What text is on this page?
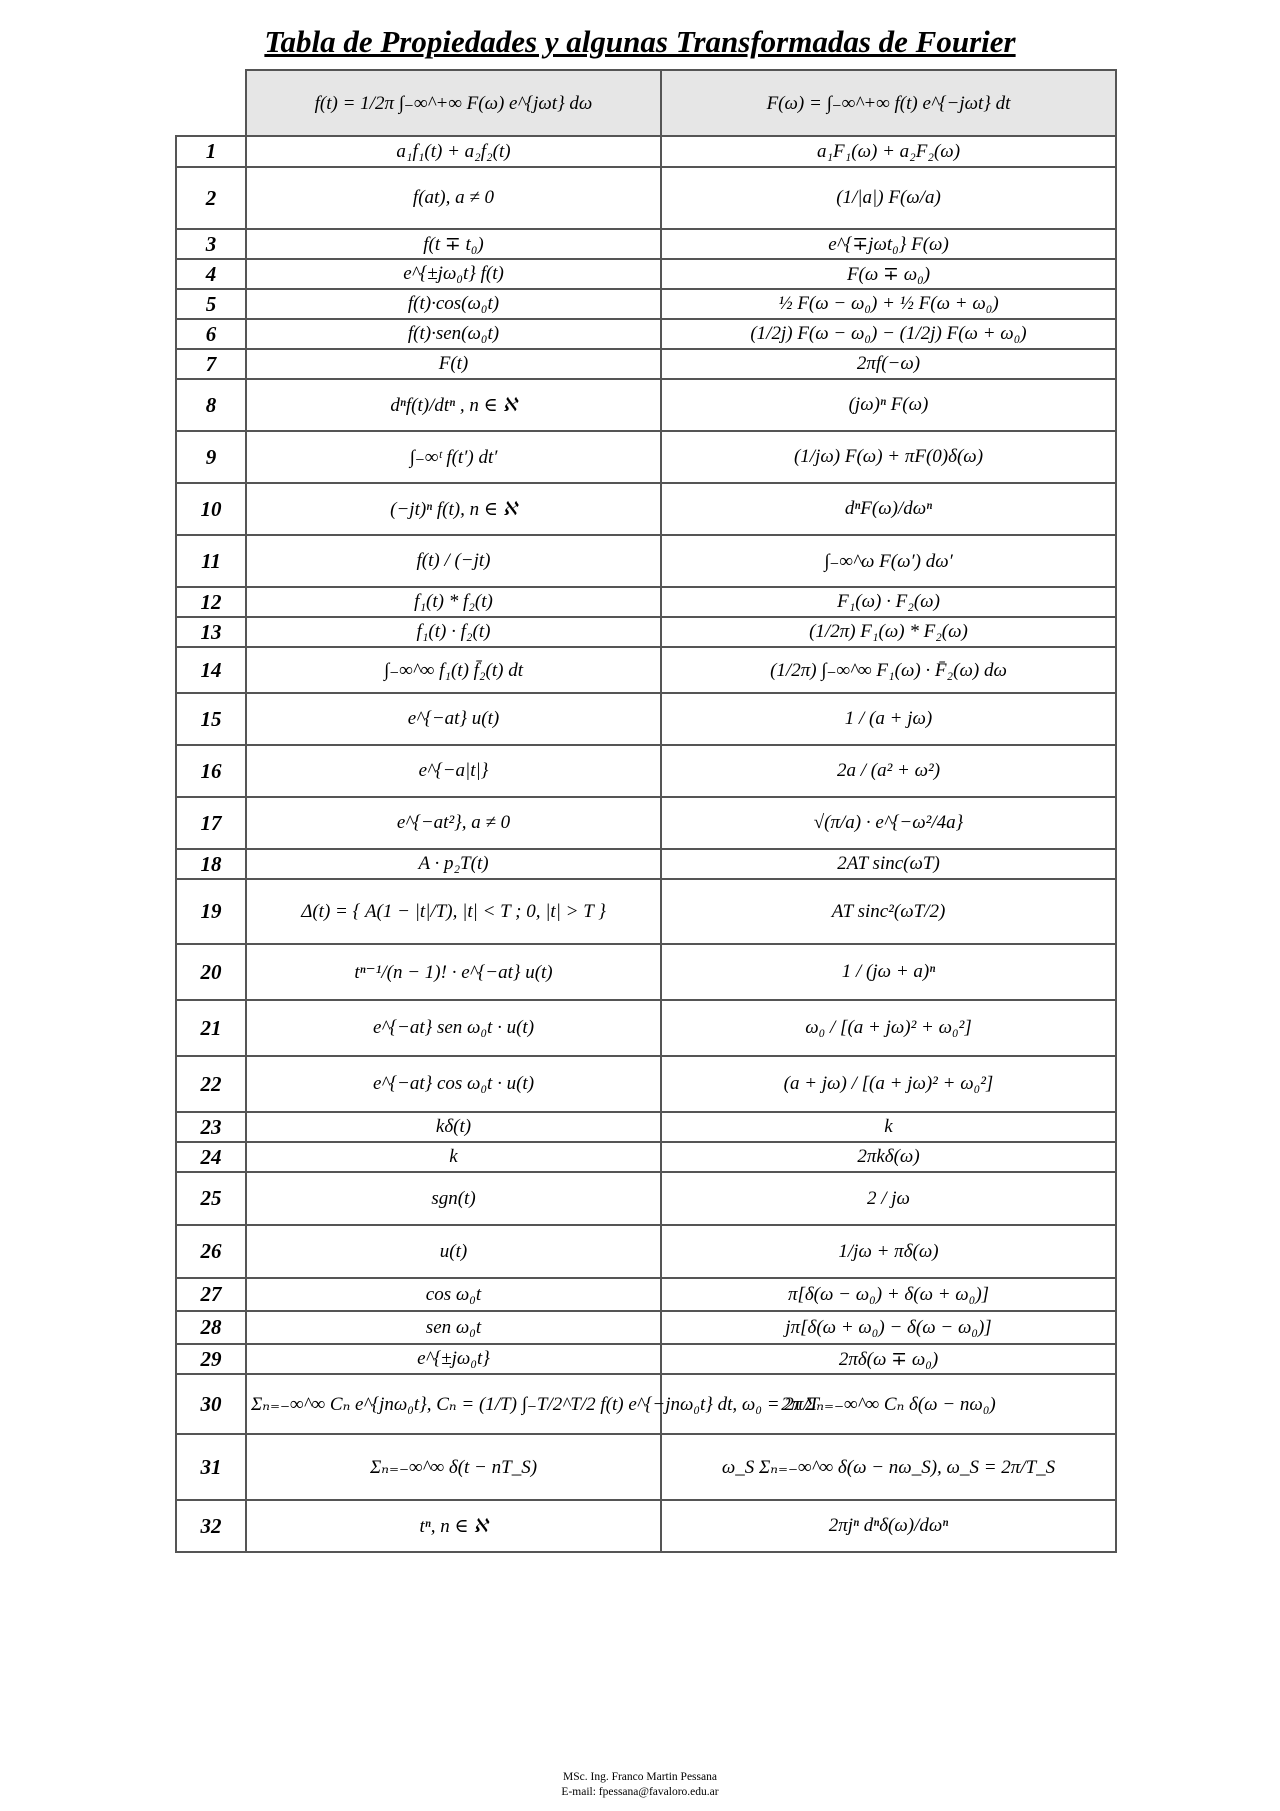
Tabla de Propiedades y algunas Transformadas de Fourier
	f(t) = 1/2π ∫₋∞^+∞ F(ω) e^{jωt} dω	F(ω) = ∫₋∞^+∞ f(t) e^{−jωt} dt
1	a₁f₁(t) + a₂f₂(t)	a₁F₁(ω) + a₂F₂(ω)
2	f(at), a ≠ 0	(1/|a|) F(ω/a)
3	f(t ∓ t₀)	e^{∓jωt₀} F(ω)
4	e^{±jω₀t} f(t)	F(ω ∓ ω₀)
5	f(t)·cos(ω₀t)	½ F(ω − ω₀) + ½ F(ω + ω₀)
6	f(t)·sen(ω₀t)	(1/2j) F(ω − ω₀) − (1/2j) F(ω + ω₀)
7	F(t)	2πf(−ω)
8	dⁿf(t)/dtⁿ , n ∈ ℵ	(jω)ⁿ F(ω)
9	∫₋∞ᵗ f(t′) dt′	(1/jω) F(ω) + πF(0)δ(ω)
10	(−jt)ⁿ f(t), n ∈ ℵ	dⁿF(ω)/dωⁿ
11	f(t) / (−jt)	∫₋∞^ω F(ω′) dω′
12	f₁(t) * f₂(t)	F₁(ω) · F₂(ω)
13	f₁(t) · f₂(t)	(1/2π) F₁(ω) * F₂(ω)
14	∫₋∞^∞ f₁(t) f̄₂(t) dt	(1/2π) ∫₋∞^∞ F₁(ω) · F̄₂(ω) dω
15	e^{−at} u(t)	1 / (a + jω)
16	e^{−a|t|}	2a / (a² + ω²)
17	e^{−at²}, a ≠ 0	√(π/a) · e^{−ω²/4a}
18	A · p₂T(t)	2AT sinc(ωT)
19	Δ(t) = { A(1 − |t|/T), |t| < T ; 0, |t| > T }	AT sinc²(ωT/2)
20	tⁿ⁻¹/(n − 1)! · e^{−at} u(t)	1 / (jω + a)ⁿ
21	e^{−at} sen ω₀t · u(t)	ω₀ / [(a + jω)² + ω₀²]
22	e^{−at} cos ω₀t · u(t)	(a + jω) / [(a + jω)² + ω₀²]
23	kδ(t)	k
24	k	2πkδ(ω)
25	sgn(t)	2 / jω
26	u(t)	1/jω + πδ(ω)
27	cos ω₀t	π[δ(ω − ω₀) + δ(ω + ω₀)]
28	sen ω₀t	jπ[δ(ω + ω₀) − δ(ω − ω₀)]
29	e^{±jω₀t}	2πδ(ω ∓ ω₀)
30	Σₙ₌₋∞^∞ Cₙ e^{jnω₀t}, Cₙ = (1/T) ∫₋T/2^T/2 f(t) e^{−jnω₀t} dt, ω₀ = 2π/T	2π Σₙ₌₋∞^∞ Cₙ δ(ω − nω₀)
31	Σₙ₌₋∞^∞ δ(t − nT_S)	ω_S Σₙ₌₋∞^∞ δ(ω − nω_S), ω_S = 2π/T_S
32	tⁿ, n ∈ ℵ	2πjⁿ dⁿδ(ω)/dωⁿ
MSc. Ing. Franco Martin Pessana
E-mail: fpessana@favaloro.edu.ar
